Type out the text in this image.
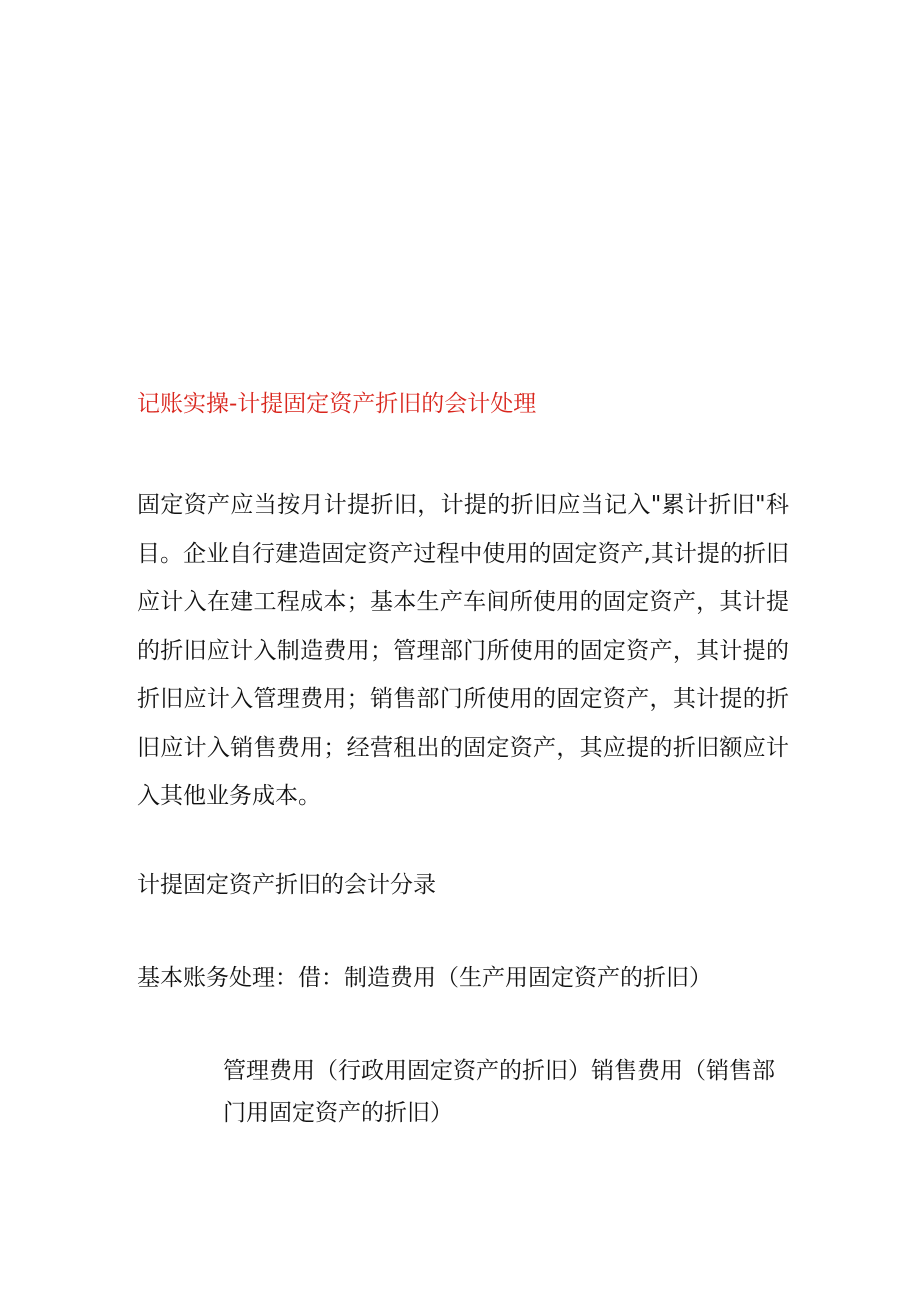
记账实操-计提固定资产折旧的会计处理
固定资产应当按月计提折旧，计提的折旧应当记入"累计折旧"科目。企业自行建造固定资产过程中使用的固定资产,其计提的折旧应计入在建工程成本；基本生产车间所使用的固定资产，其计提的折旧应计入制造费用；管理部门所使用的固定资产，其计提的折旧应计入管理费用；销售部门所使用的固定资产，其计提的折旧应计入销售费用；经营租出的固定资产，其应提的折旧额应计入其他业务成本。
计提固定资产折旧的会计分录
基本账务处理：借：制造费用（生产用固定资产的折旧）
管理费用（行政用固定资产的折旧）销售费用（销售部门用固定资产的折旧）
